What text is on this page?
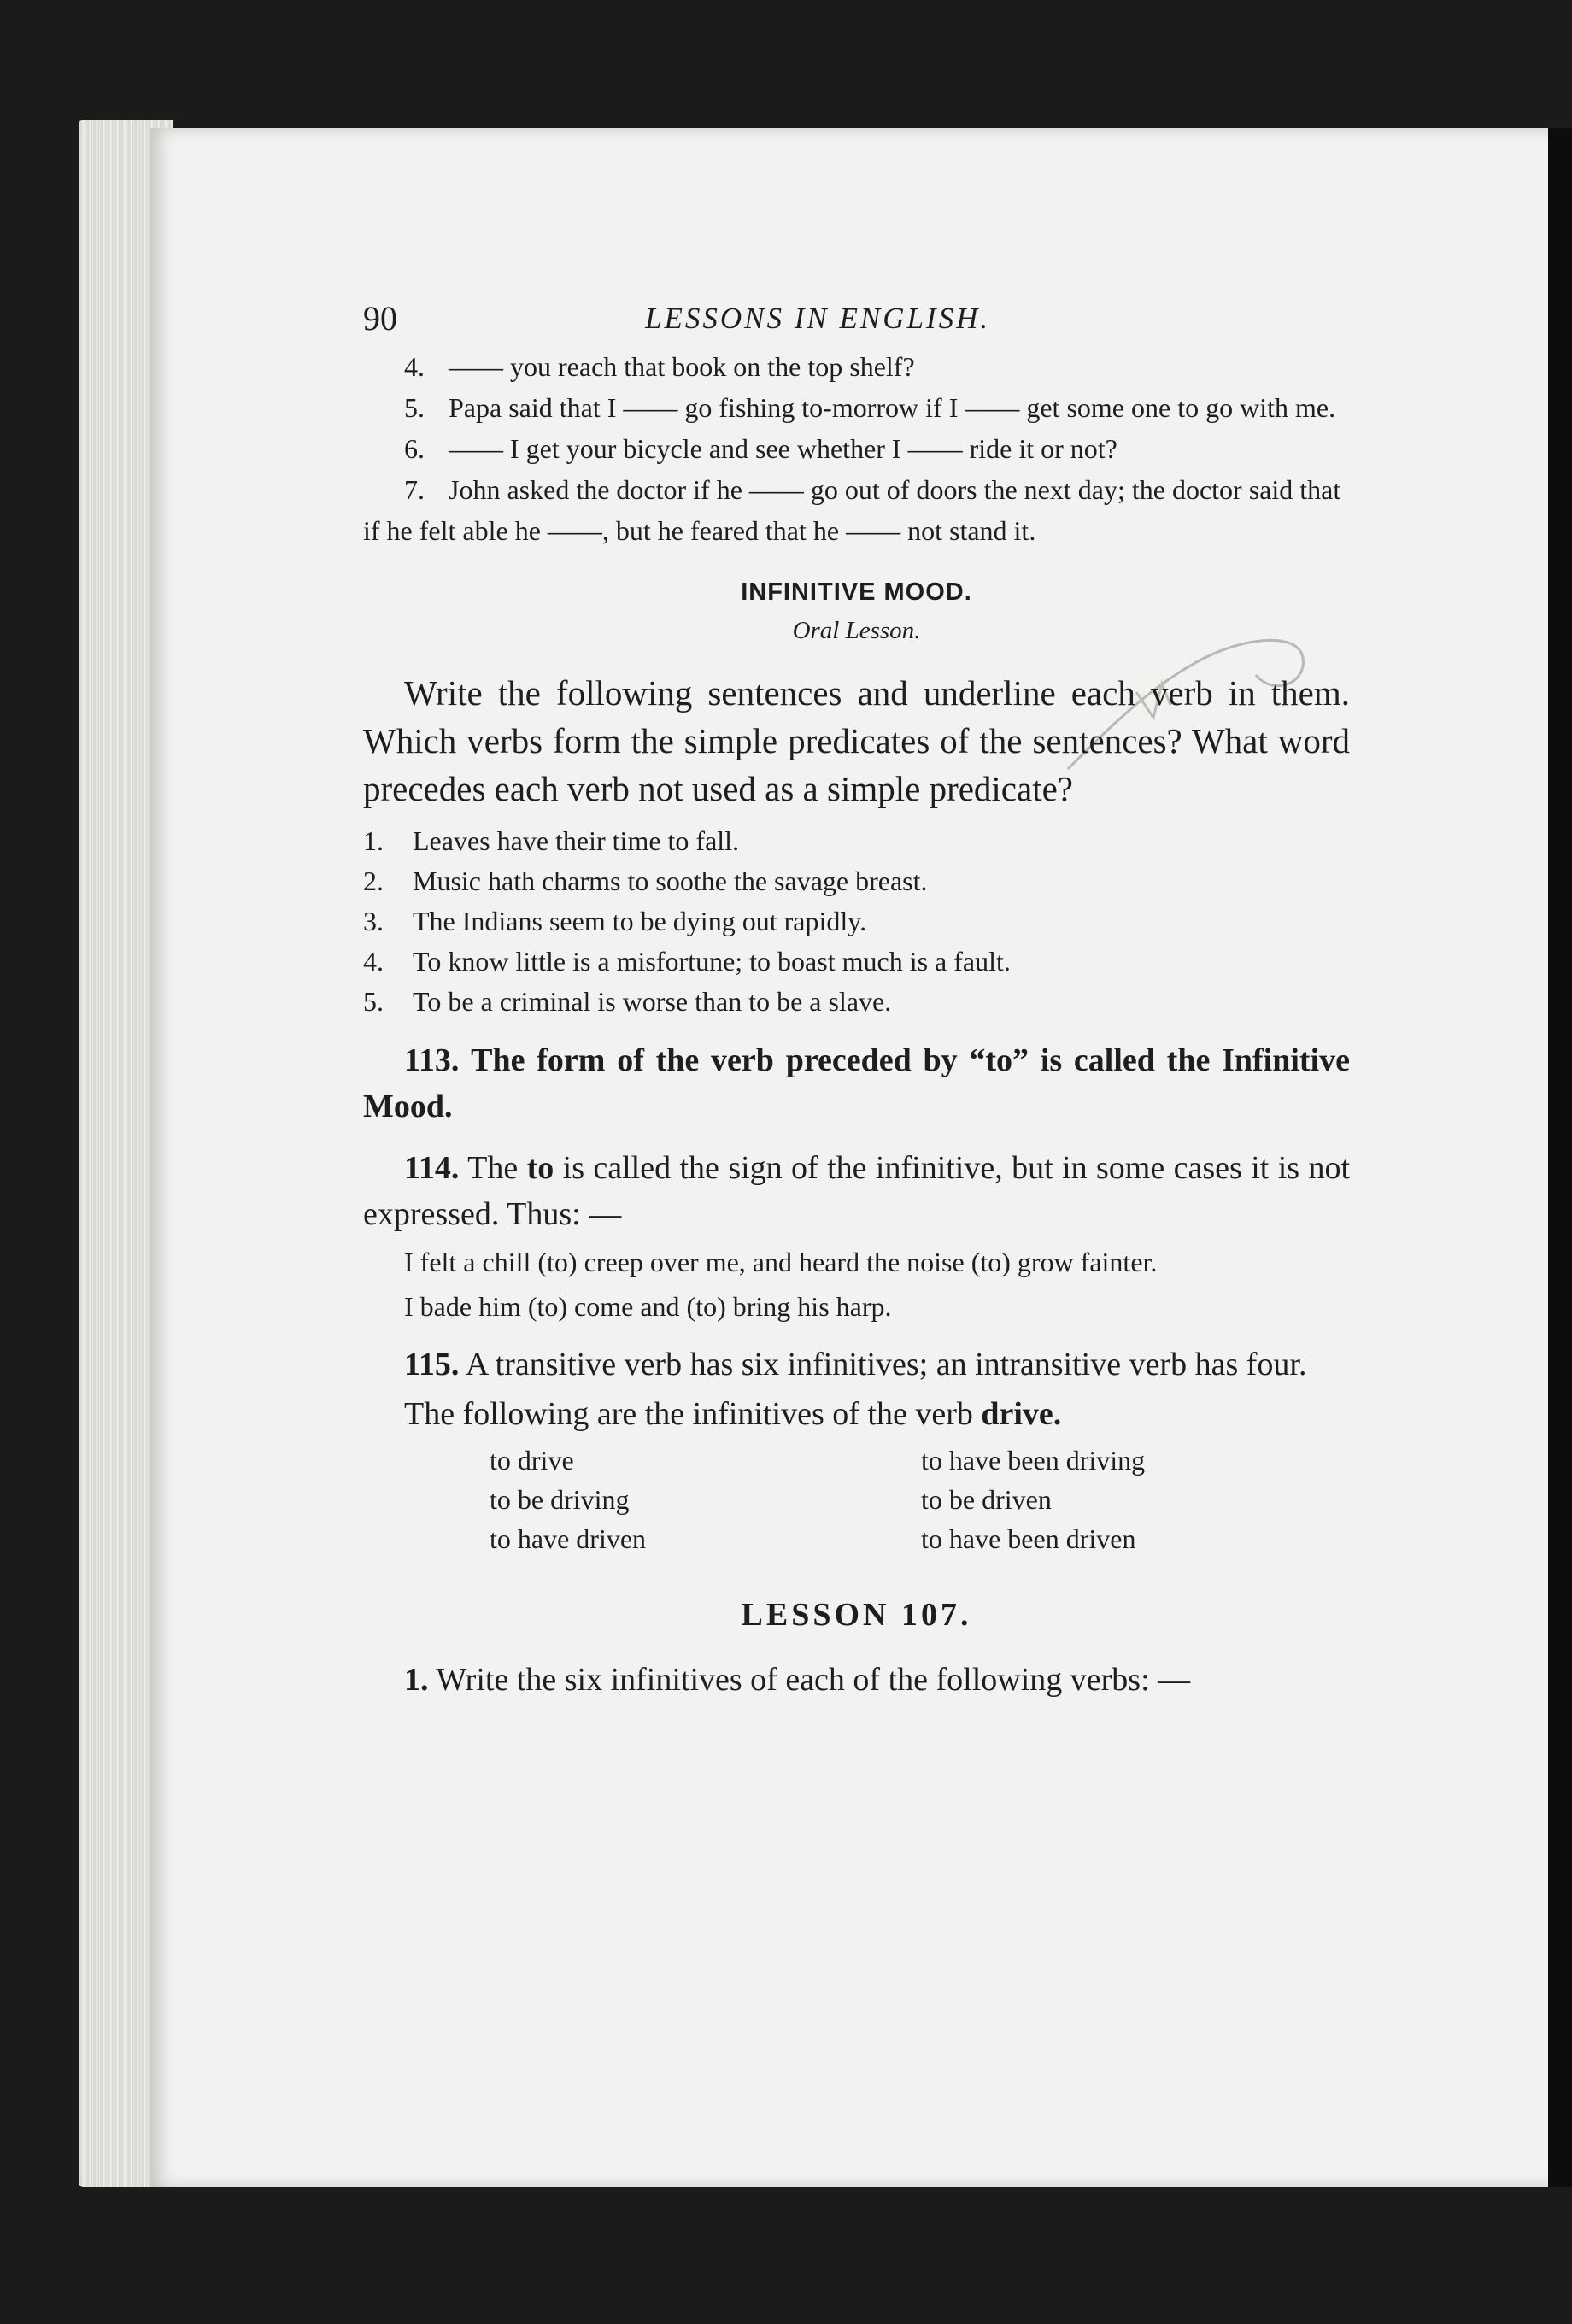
90	LESSONS IN ENGLISH.

4. —— you reach that book on the top shelf?

5. Papa said that I —— go fishing to-morrow if I —— get some one to go with me.

6. —— I get your bicycle and see whether I —— ride it or not?

7. John asked the doctor if he —— go out of doors the next day; the doctor said that if he felt able he ——, but he feared that he —— not stand it.

INFINITIVE MOOD.
Oral Lesson.
Write the following sentences and underline each verb in them. Which verbs form the simple predicates of the sentences? What word precedes each verb not used as a simple predicate?
1. Leaves have their time to fall.
2. Music hath charms to soothe the savage breast.
3. The Indians seem to be dying out rapidly.
4. To know little is a misfortune; to boast much is a fault.
5. To be a criminal is worse than to be a slave.
113. The form of the verb preceded by “to” is called the Infinitive Mood.
114. The to is called the sign of the infinitive, but in some cases it is not expressed. Thus: —
I felt a chill (to) creep over me, and heard the noise (to) grow fainter.
I bade him (to) come and (to) bring his harp.
115. A transitive verb has six infinitives; an intransitive verb has four.
The following are the infinitives of the verb drive.
to drive	to have been driving
to be driving	to be driven
to have driven	to have been driven
LESSON 107.
1. Write the six infinitives of each of the following verbs: —
